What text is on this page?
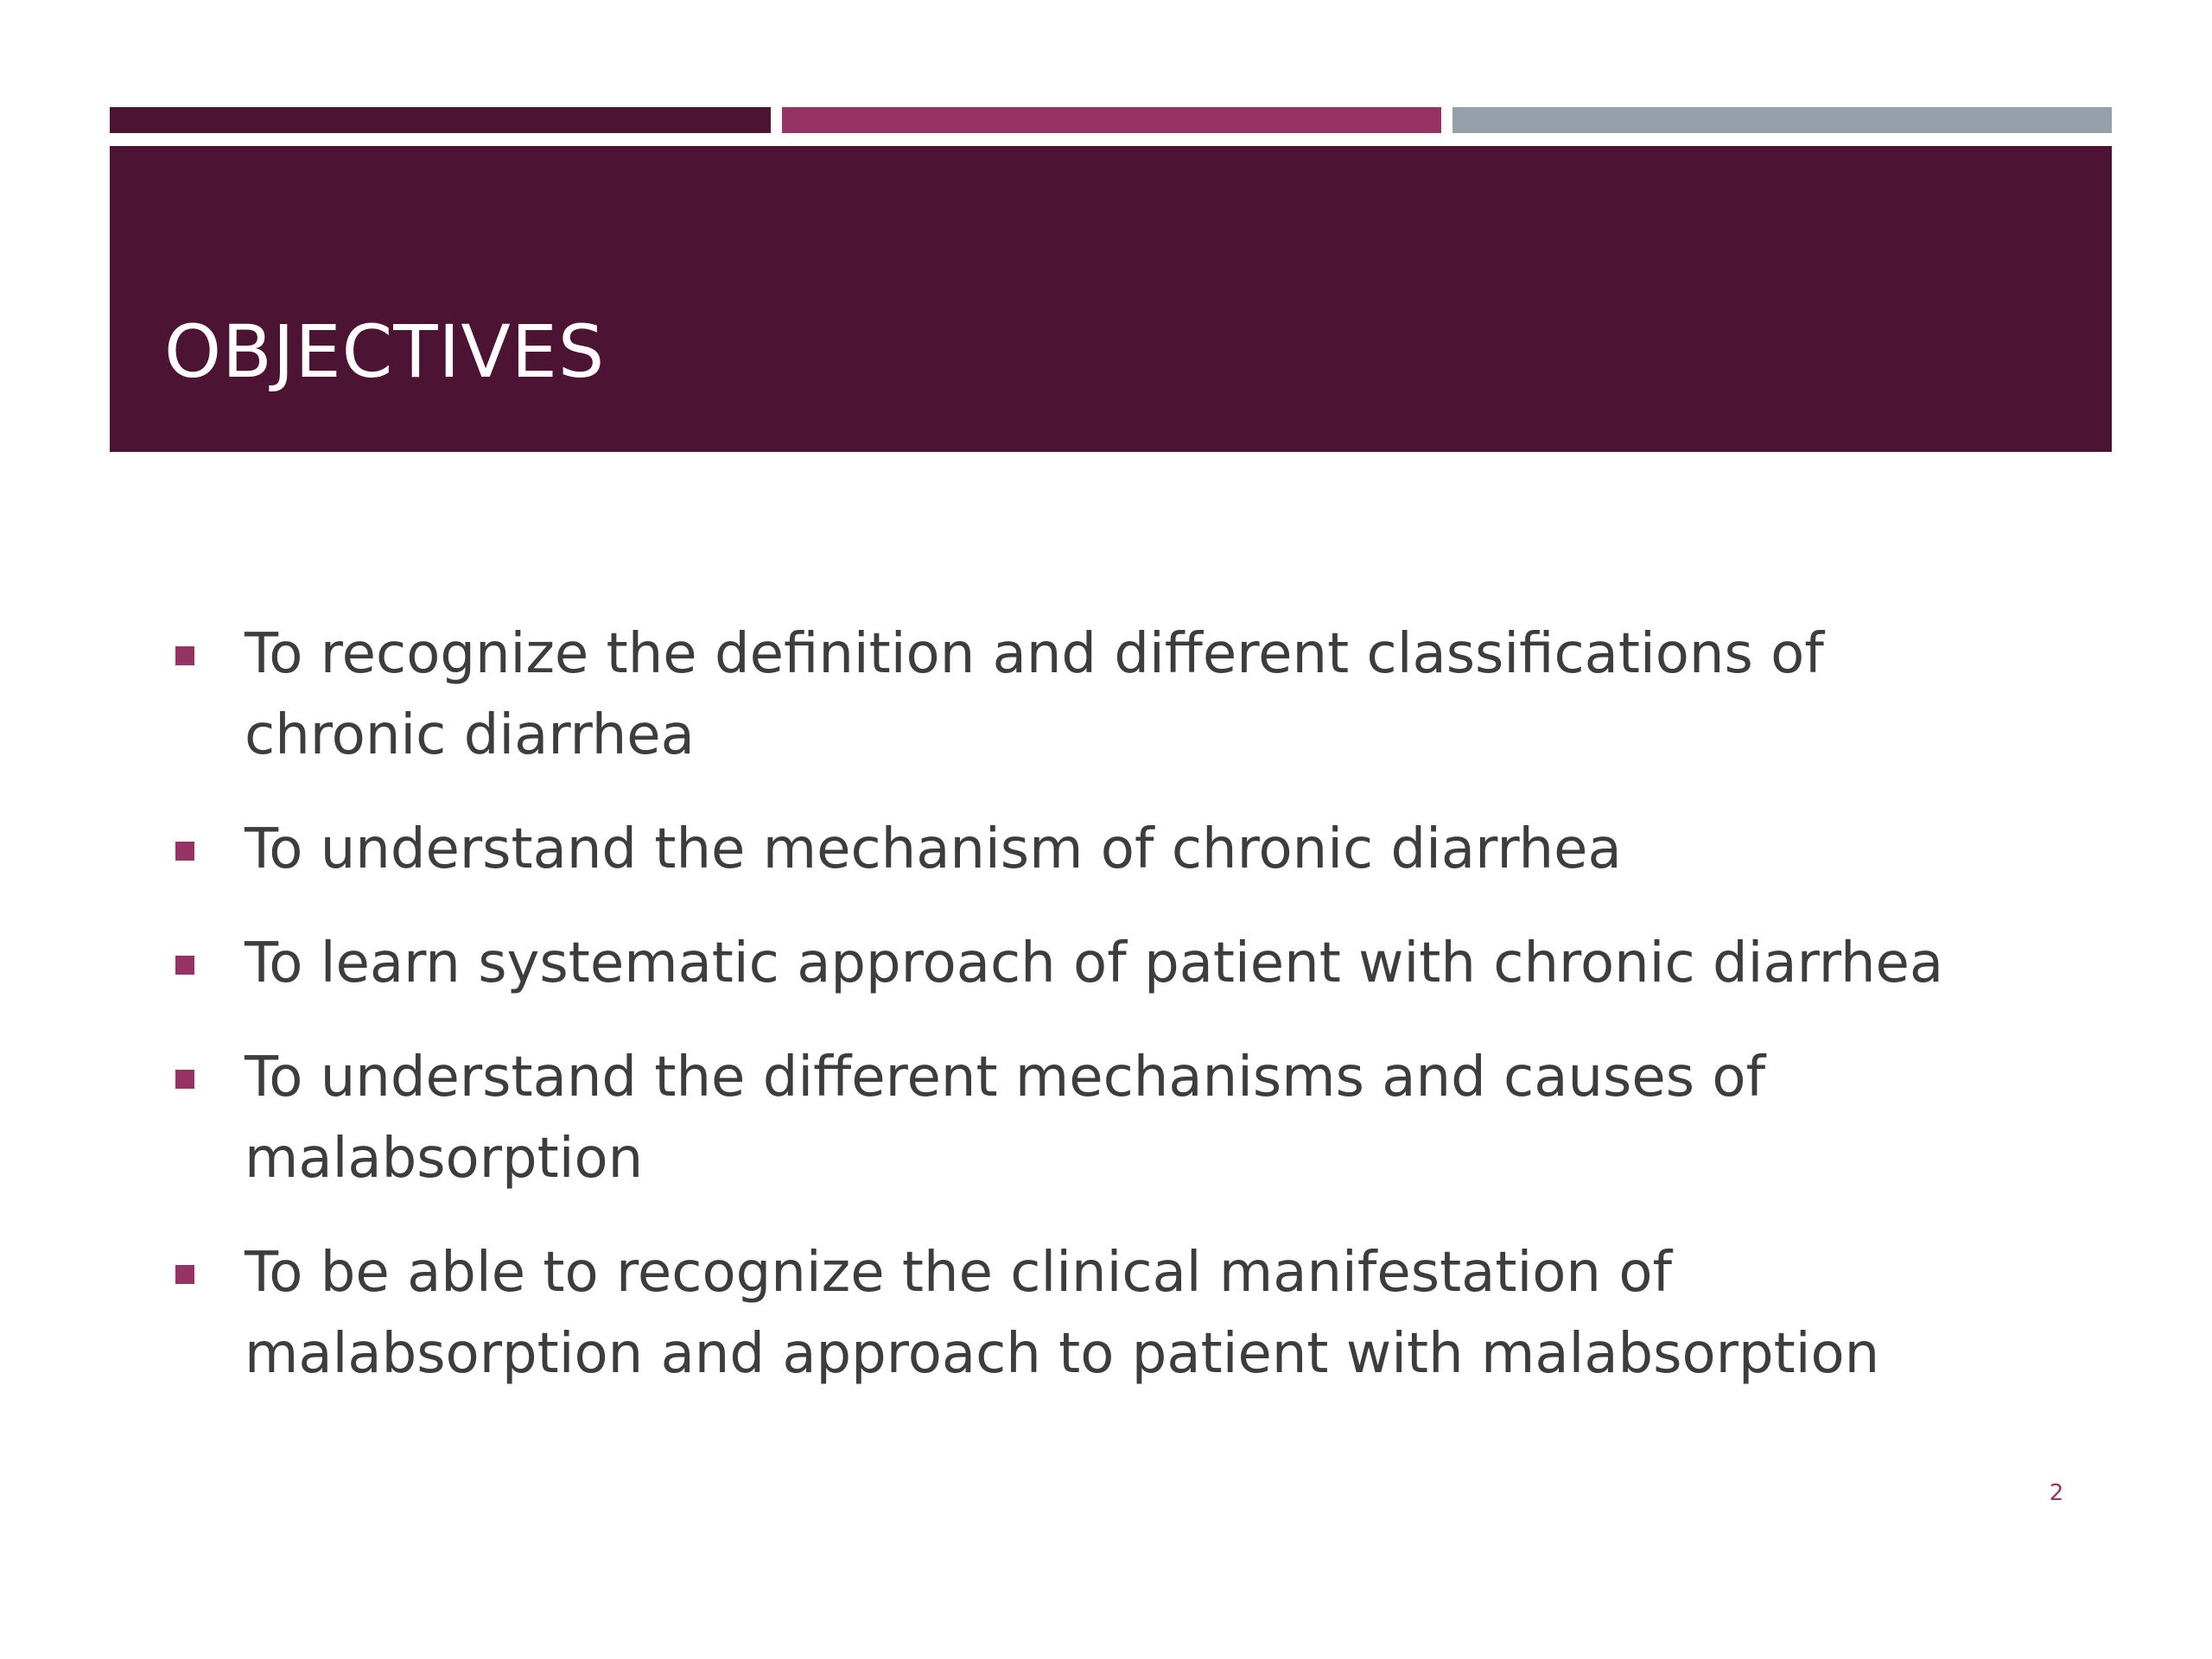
OBJECTIVES
To recognize the definition and different classifications of chronic diarrhea
To understand the mechanism of chronic diarrhea
To learn systematic approach of patient with chronic diarrhea
To understand the different mechanisms and causes of malabsorption
To be able to recognize the clinical manifestation of malabsorption and approach to patient with malabsorption
2
